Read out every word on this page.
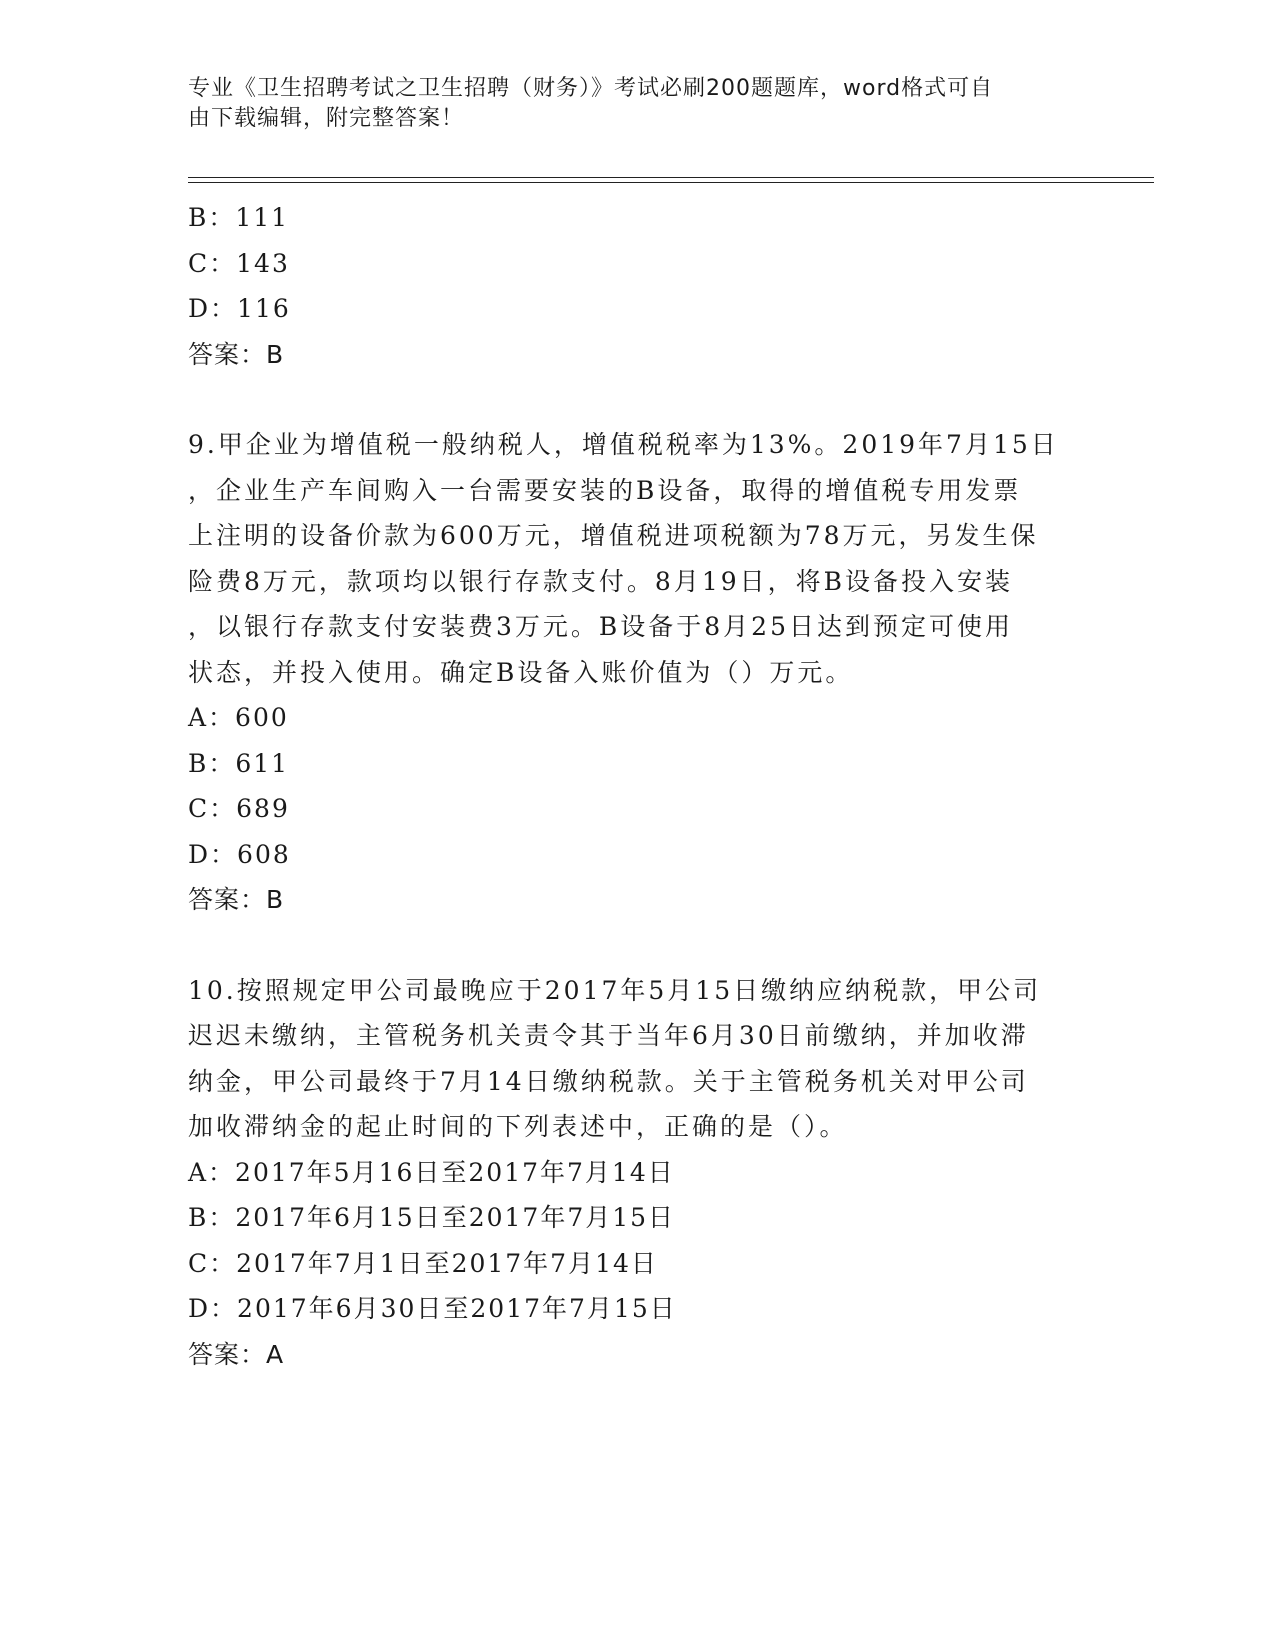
专业《卫生招聘考试之卫生招聘（财务）》考试必刷200题题库，word格式可自
由下载编辑，附完整答案！
B：111
C：143
D：116
答案：B
9.甲企业为增值税一般纳税人，增值税税率为13%。2019年7月15日
，企业生产车间购入一台需要安装的B设备，取得的增值税专用发票
上注明的设备价款为600万元，增值税进项税额为78万元，另发生保
险费8万元，款项均以银行存款支付。8月19日，将B设备投入安装
，以银行存款支付安装费3万元。B设备于8月25日达到预定可使用
状态，并投入使用。确定B设备入账价值为（）万元。
A：600
B：611
C：689
D：608
答案：B
10.按照规定甲公司最晚应于2017年5月15日缴纳应纳税款，甲公司
迟迟未缴纳，主管税务机关责令其于当年6月30日前缴纳，并加收滞
纳金，甲公司最终于7月14日缴纳税款。关于主管税务机关对甲公司
加收滞纳金的起止时间的下列表述中，正确的是（）。
A：2017年5月16日至2017年7月14日
B：2017年6月15日至2017年7月15日
C：2017年7月1日至2017年7月14日
D：2017年6月30日至2017年7月15日
答案：A
